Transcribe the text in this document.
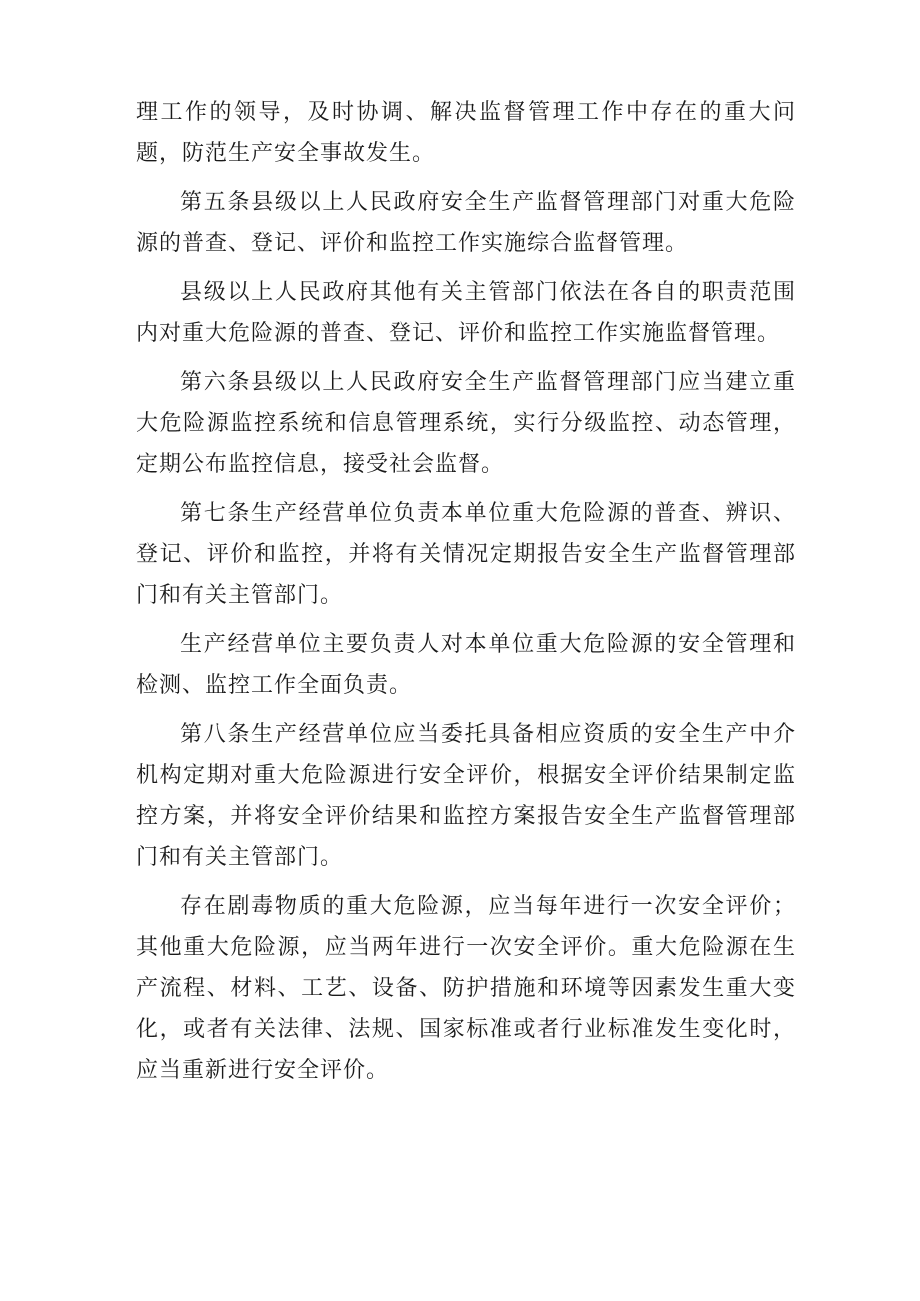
理工作的领导，及时协调、解决监督管理工作中存在的重大问题，防范生产安全事故发生。

第五条县级以上人民政府安全生产监督管理部门对重大危险源的普查、登记、评价和监控工作实施综合监督管理。

县级以上人民政府其他有关主管部门依法在各自的职责范围内对重大危险源的普查、登记、评价和监控工作实施监督管理。

第六条县级以上人民政府安全生产监督管理部门应当建立重大危险源监控系统和信息管理系统，实行分级监控、动态管理，定期公布监控信息，接受社会监督。

第七条生产经营单位负责本单位重大危险源的普查、辨识、登记、评价和监控，并将有关情况定期报告安全生产监督管理部门和有关主管部门。

生产经营单位主要负责人对本单位重大危险源的安全管理和检测、监控工作全面负责。

第八条生产经营单位应当委托具备相应资质的安全生产中介机构定期对重大危险源进行安全评价，根据安全评价结果制定监控方案，并将安全评价结果和监控方案报告安全生产监督管理部门和有关主管部门。

存在剧毒物质的重大危险源，应当每年进行一次安全评价；其他重大危险源，应当两年进行一次安全评价。重大危险源在生产流程、材料、工艺、设备、防护措施和环境等因素发生重大变化，或者有关法律、法规、国家标准或者行业标准发生变化时，应当重新进行安全评价。
